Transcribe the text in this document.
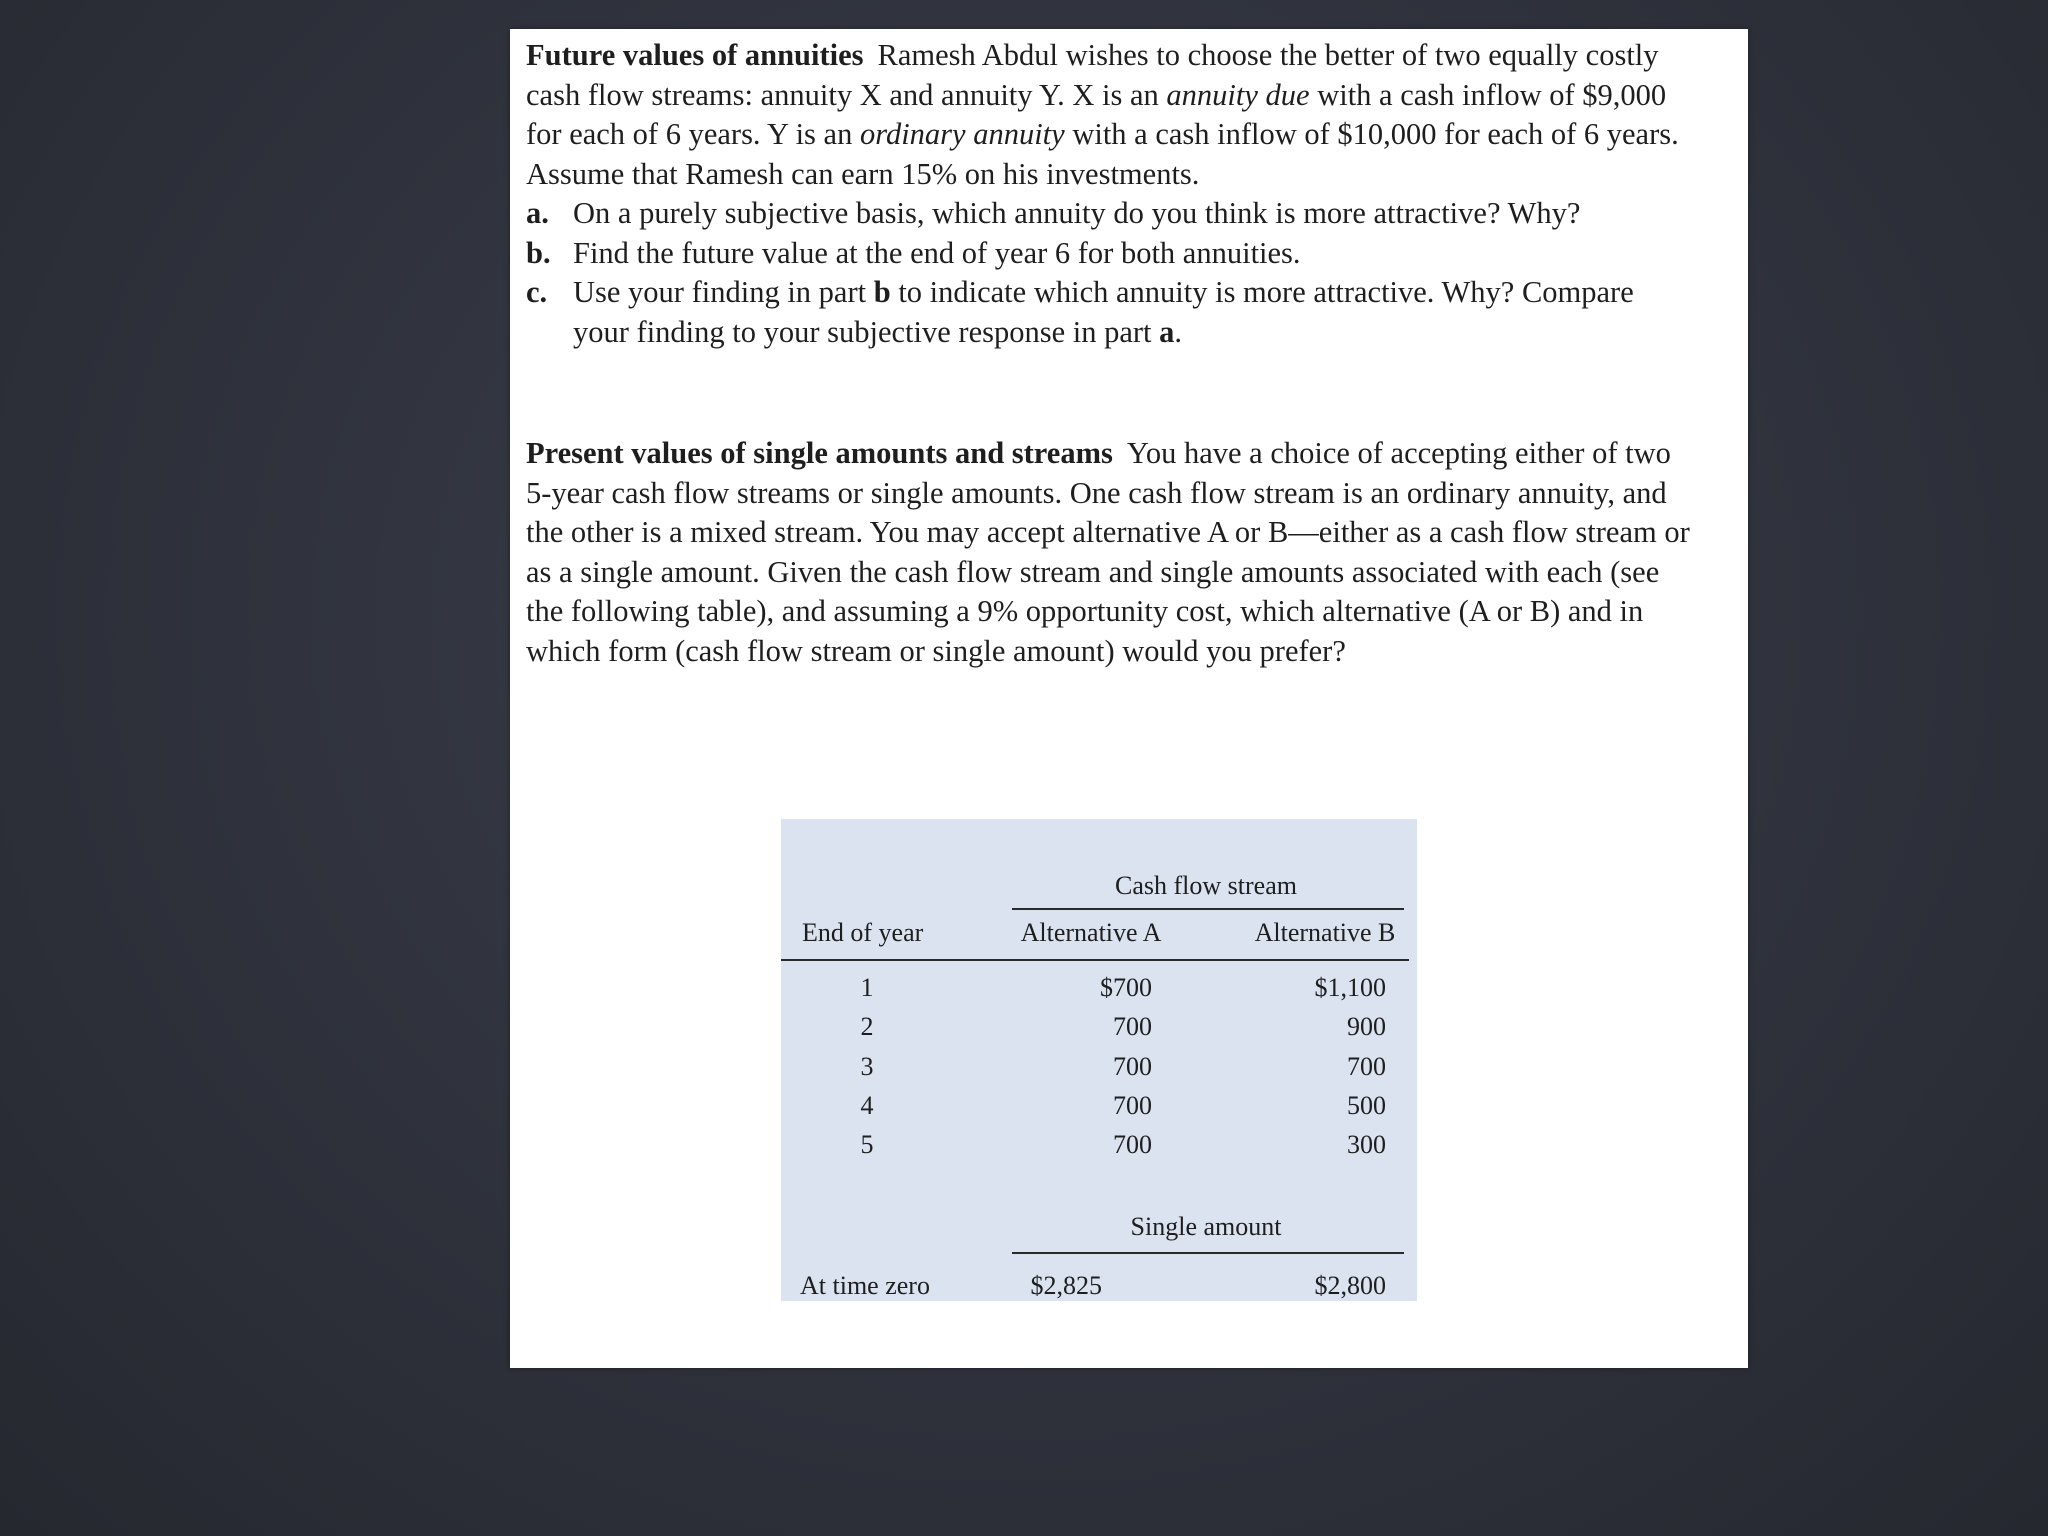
Future values of annuities Ramesh Abdul wishes to choose the better of two equally costly cash flow streams: annuity X and annuity Y. X is an annuity due with a cash inflow of $9,000 for each of 6 years. Y is an ordinary annuity with a cash inflow of $10,000 for each of 6 years. Assume that Ramesh can earn 15% on his investments.

a. On a purely subjective basis, which annuity do you think is more attractive? Why?
b. Find the future value at the end of year 6 for both annuities.
c. Use your finding in part b to indicate which annuity is more attractive. Why? Compare your finding to your subjective response in part a.

Present values of single amounts and streams You have a choice of accepting either of two 5-year cash flow streams or single amounts. One cash flow stream is an ordinary annuity, and the other is a mixed stream. You may accept alternative A or B—either as a cash flow stream or as a single amount. Given the cash flow stream and single amounts associated with each (see the following table), and assuming a 9% opportunity cost, which alternative (A or B) and in which form (cash flow stream or single amount) would you prefer?

Cash flow stream
End of year	Alternative A	Alternative B
1	$700	$1,100
2	700	900
3	700	700
4	700	500
5	700	300
Single amount
At time zero	$2,825	$2,800
